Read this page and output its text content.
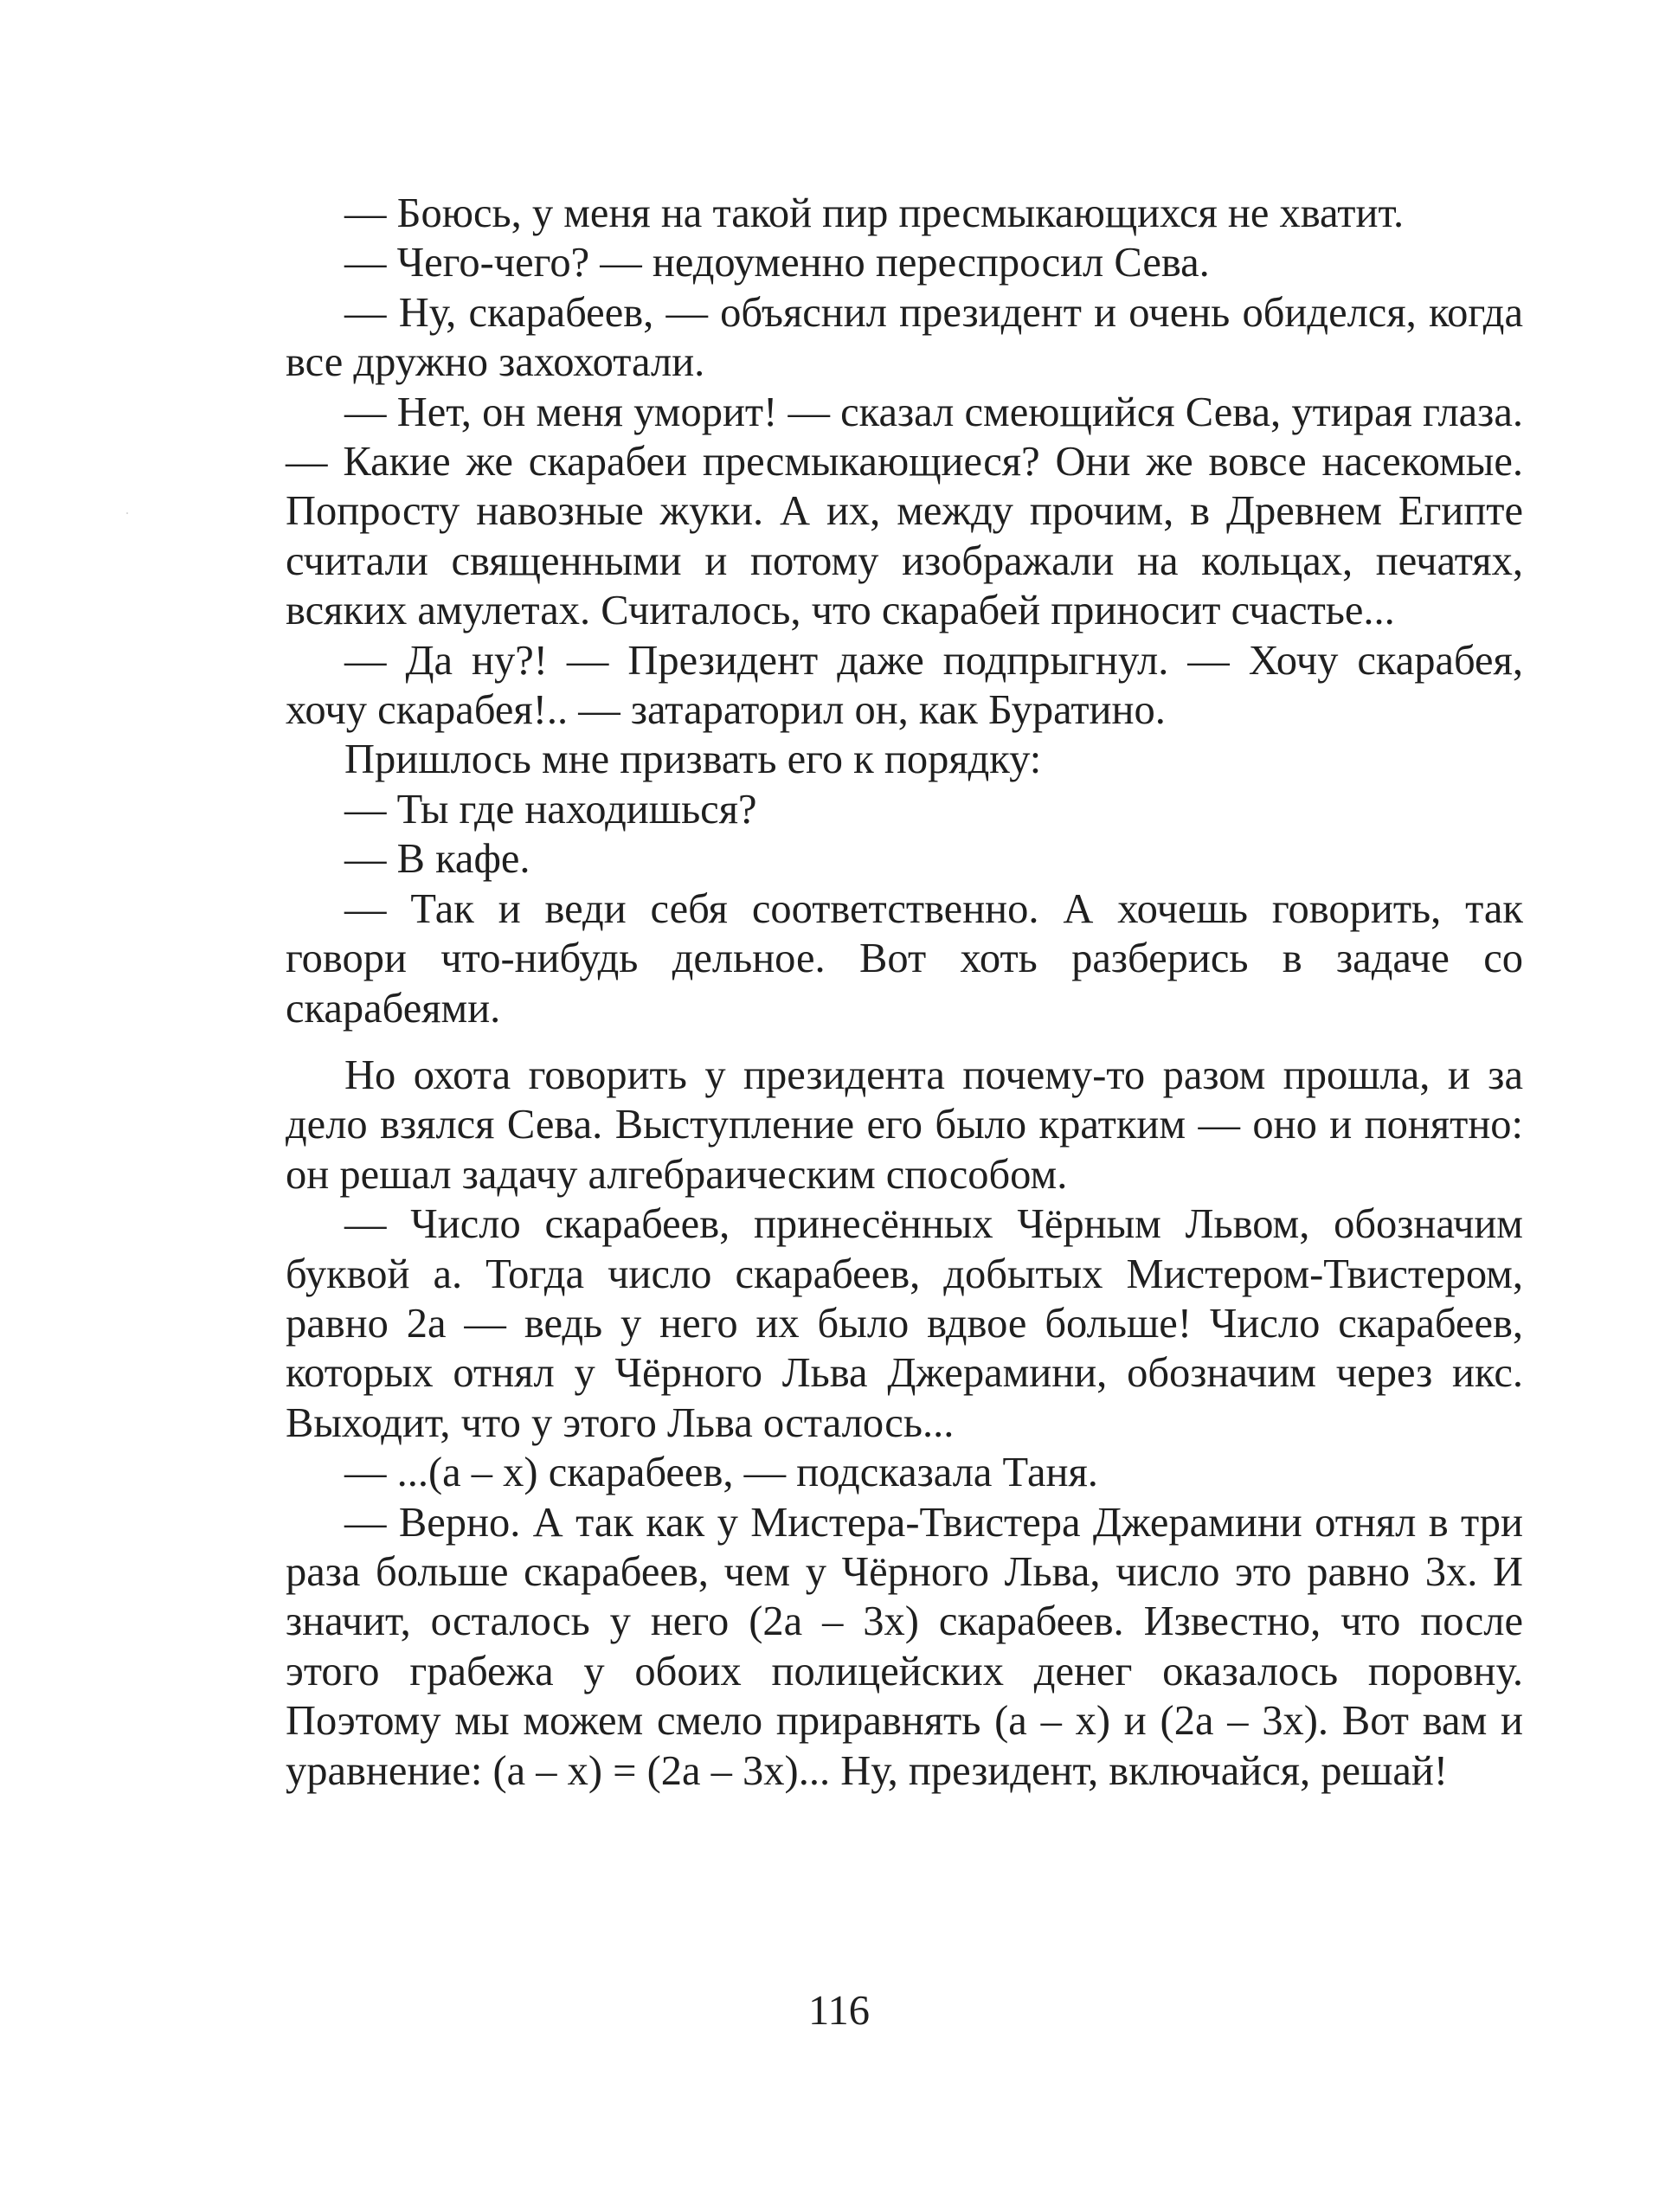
— Боюсь, у меня на такой пир пресмыкающихся не хватит.

— Чего-чего? — недоуменно переспросил Сева.

— Ну, скарабеев, — объяснил президент и очень обиделся, когда все дружно захохотали.

— Нет, он меня уморит! — сказал смеющийся Сева, утирая глаза. — Какие же скарабеи пресмыкающиеся? Они же вовсе насекомые. Попросту навозные жуки. А их, между прочим, в Древнем Египте считали священными и потому изображали на кольцах, печатях, всяких амулетах. Считалось, что скарабей приносит счастье...

— Да ну?! — Президент даже подпрыгнул. — Хочу скарабея, хочу скарабея!.. — затараторил он, как Буратино.

Пришлось мне призвать его к порядку:

— Ты где находишься?

— В кафе.

— Так и веди себя соответственно. А хочешь говорить, так говори что-нибудь дельное. Вот хоть разберись в задаче со скарабеями.

Но охота говорить у президента почему-то разом прошла, и за дело взялся Сева. Выступление его было кратким — оно и понятно: он решал задачу алгебраическим способом.

— Число скарабеев, принесённых Чёрным Львом, обозначим буквой a. Тогда число скарабеев, добытых Мистером-Твистером, равно 2a — ведь у него их было вдвое больше! Число скарабеев, которых отнял у Чёрного Льва Джерамини, обозначим через икс. Выходит, что у этого Льва осталось...

— ...(a – x) скарабеев, — подсказала Таня.

— Верно. А так как у Мистера-Твистера Джерамини отнял в три раза больше скарабеев, чем у Чёрного Льва, число это равно 3x. И значит, осталось у него (2a – 3x) скарабеев. Известно, что после этого грабежа у обоих полицейских денег оказалось поровну. Поэтому мы можем смело приравнять (a – x) и (2a – 3x). Вот вам и уравнение: (a – x) = (2a – 3x)... Ну, президент, включайся, решай!

116
